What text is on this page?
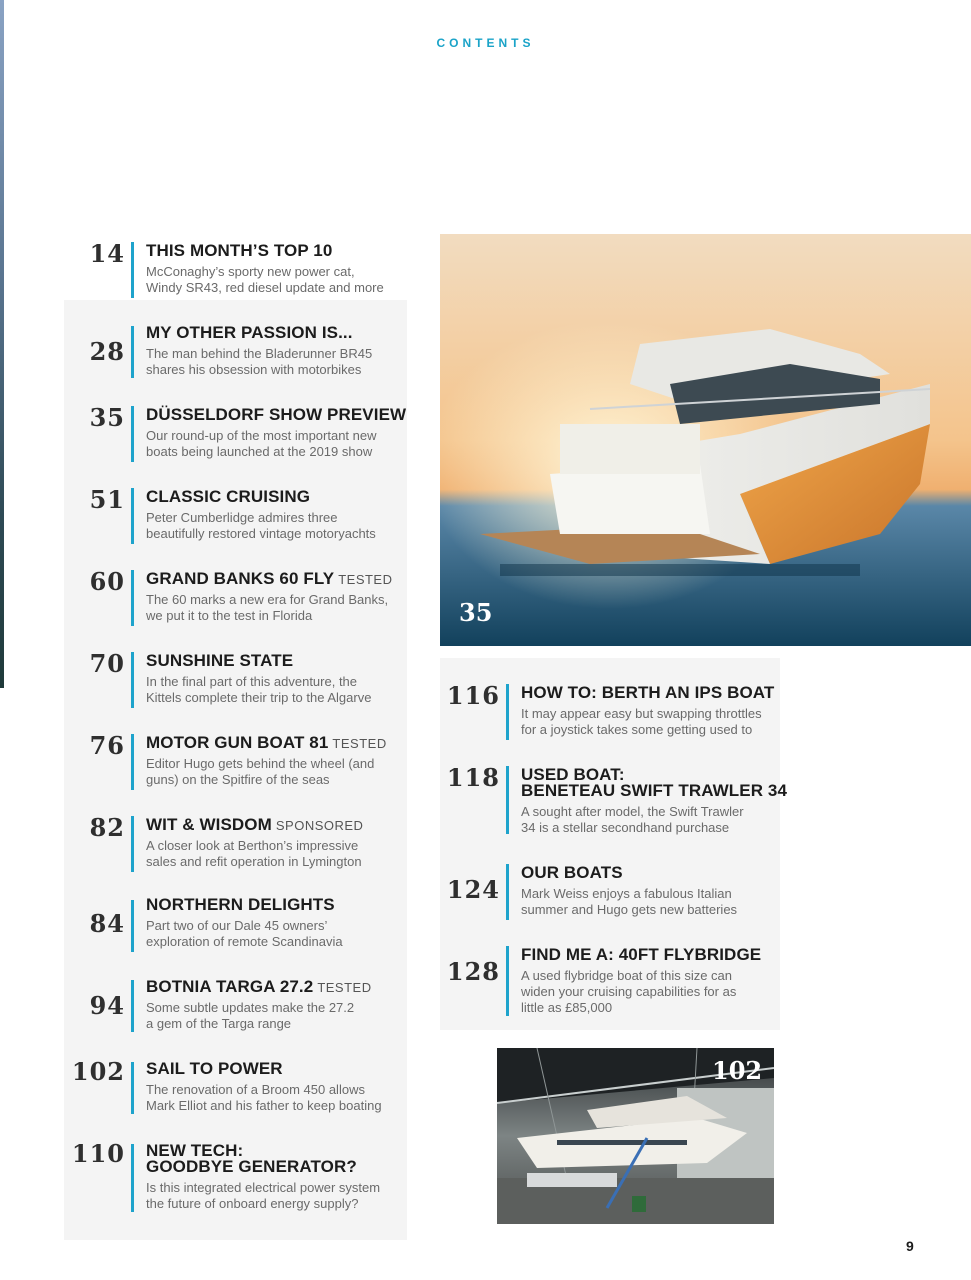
CONTENTS
14 THIS MONTH’S TOP 10
McConaghy’s sporty new power cat,
Windy SR43, red diesel update and more
28
MY OTHER PASSION IS...
The man behind the Bladerunner BR45
shares his obsession with motorbikes
35 DÜSSELDORF SHOW PREVIEW
Our round-up of the most important new
boats being launched at the 2019 show
51 CLASSIC CRUISING
Peter Cumberlidge admires three
beautifully restored vintage motoryachts
60 GRAND BANKS 60 FLY TESTED
The 60 marks a new era for Grand Banks,
we put it to the test in Florida
70 SUNSHINE STATE
In the final part of this adventure, the
Kittels complete their trip to the Algarve
76 MOTOR GUN BOAT 81 TESTED
Editor Hugo gets behind the wheel (and
guns) on the Spitfire of the seas
82 WIT & WISDOM SPONSORED
A closer look at Berthon’s impressive
sales and refit operation in Lymington
84
NORTHERN DELIGHTS
Part two of our Dale 45 owners’
exploration of remote Scandinavia
94
BOTNIA TARGA 27.2 TESTED
Some subtle updates make the 27.2
a gem of the Targa range
102 SAIL TO POWER
The renovation of a Broom 450 allows
Mark Elliot and his father to keep boating
110 NEW TECH:
GOODBYE GENERATOR?
Is this integrated electrical power system
the future of onboard energy supply?
35
116 HOW TO: BERTH AN IPS BOAT
It may appear easy but swapping throttles
for a joystick takes some getting used to
118 USED BOAT:
BENETEAU SWIFT TRAWLER 34
A sought after model, the Swift Trawler
34 is a stellar secondhand purchase
124
OUR BOATS
Mark Weiss enjoys a fabulous Italian
summer and Hugo gets new batteries
128
FIND ME A: 40FT FLYBRIDGE
A used flybridge boat of this size can
widen your cruising capabilities for as
little as £85,000
102
9
